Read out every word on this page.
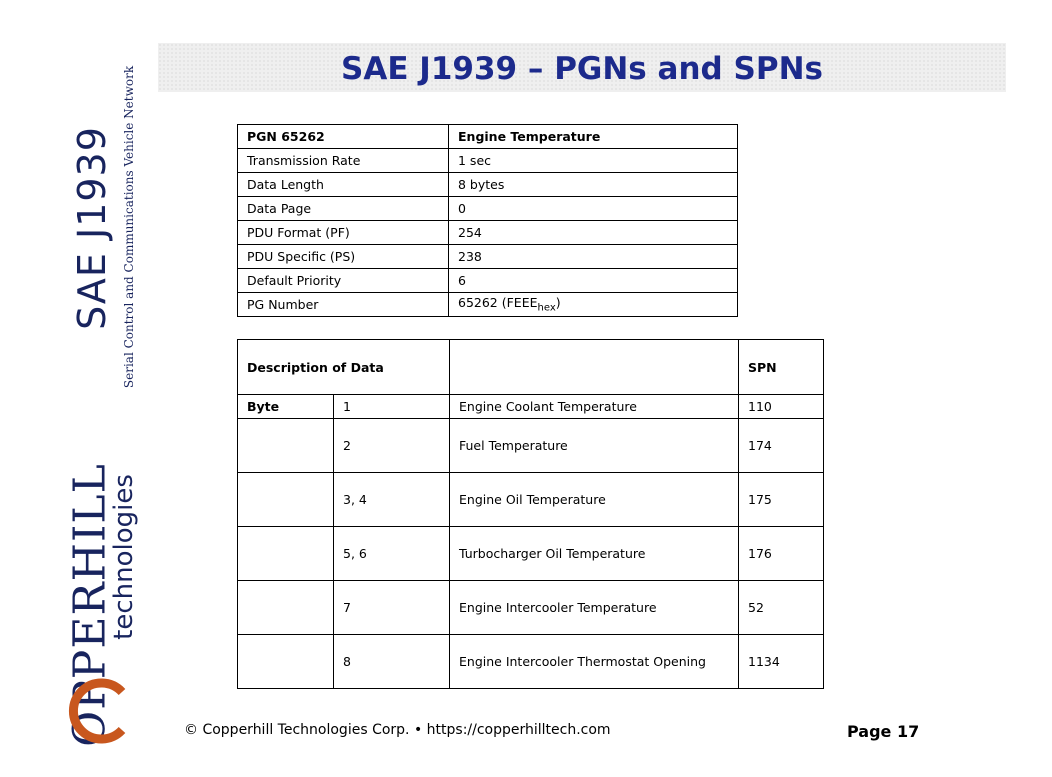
SAE J1939 Serial Control and Communications Vehicle Network
OPPERHILL
technologies
SAE J1939 – PGNs and SPNs
PGN 65262	Engine Temperature
Transmission Rate	1 sec
Data Length	8 bytes
Data Page	0
PDU Format (PF)	254
PDU Specific (PS)	238
Default Priority	6
PG Number	65262 $(FEEE_{hex})$
Description of Data			SPN
Byte	1	Engine Coolant Temperature	110
	2	Fuel Temperature	174
	3, 4	Engine Oil Temperature	175
	5, 6	Turbocharger Oil Temperature	176
	7	Engine Intercooler Temperature	52
	8	Engine Intercooler Thermostat Opening	1134
© Copperhill Technologies Corp. • https://copperhilltech.com	Page 17
